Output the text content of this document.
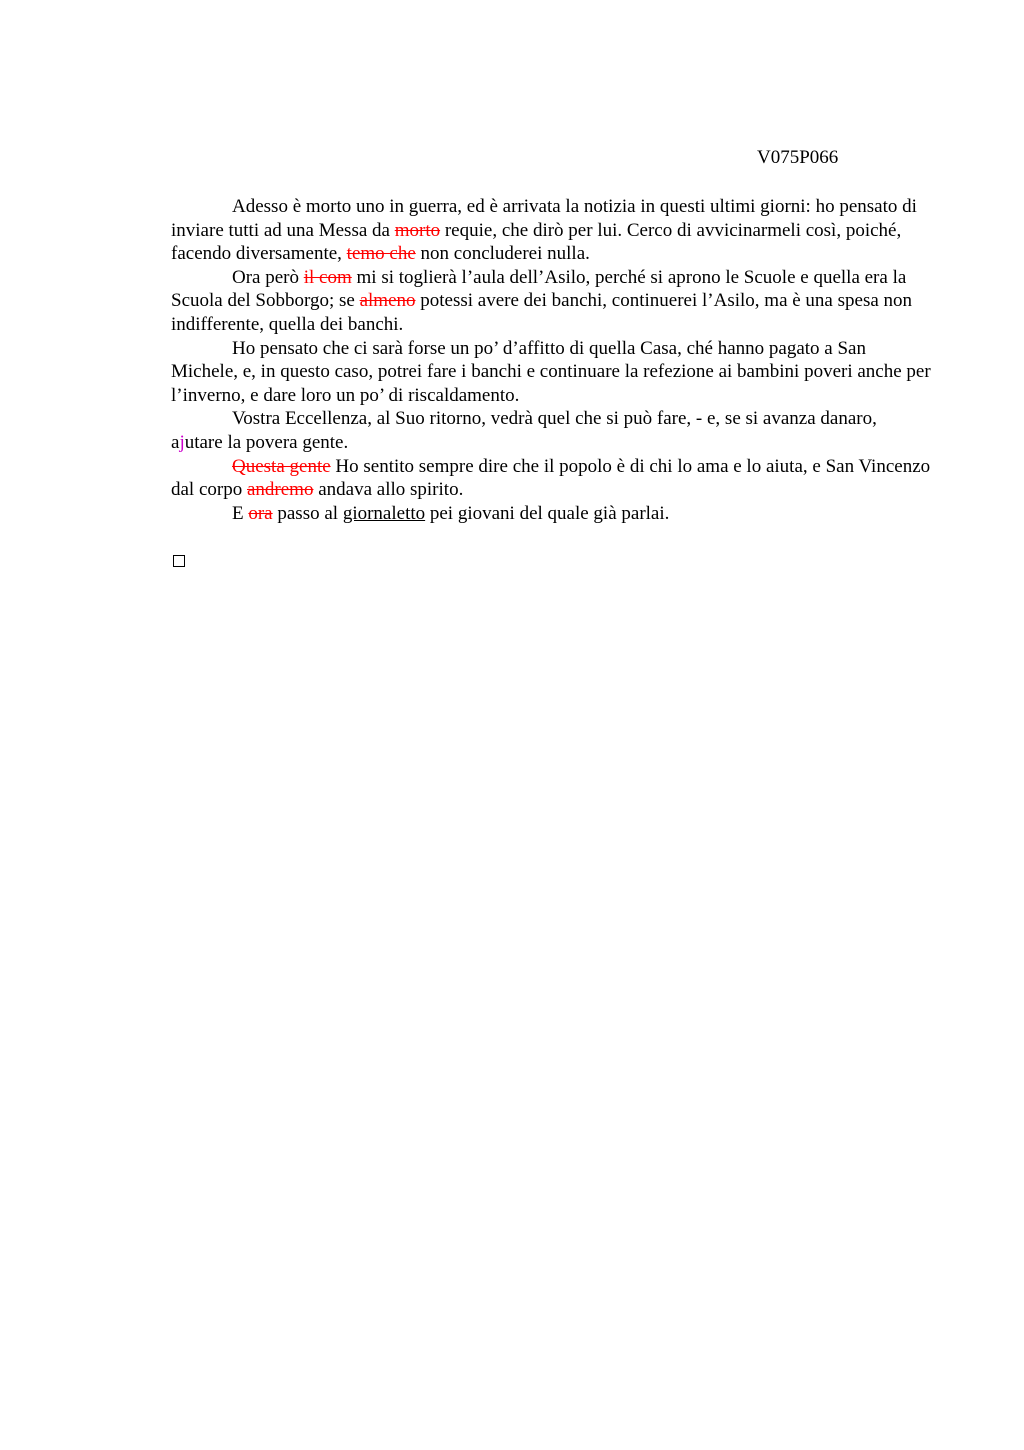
V075P066

Adesso è morto uno in guerra, ed è arrivata la notizia in questi ultimi giorni: ho pensato di inviare tutti ad una Messa da morto requie, che dirò per lui. Cerco di avvicinarmeli così, poiché, facendo diversamente, temo che non concluderei nulla.

Ora però il com mi si toglierà l’aula dell’Asilo, perché si aprono le Scuole e quella era la Scuola del Sobborgo; se almeno potessi avere dei banchi, continuerei l’Asilo, ma è una spesa non indifferente, quella dei banchi.

Ho pensato che ci sarà forse un po’ d’affitto di quella Casa, ché hanno pagato a San Michele, e, in questo caso, potrei fare i banchi e continuare la refezione ai bambini poveri anche per l’inverno, e dare loro un po’ di riscaldamento.

Vostra Eccellenza, al Suo ritorno, vedrà quel che si può fare, - e, se si avanza danaro, ajutare la povera gente.

Questa gente Ho sentito sempre dire che il popolo è di chi lo ama e lo aiuta, e San Vincenzo dal corpo andremo andava allo spirito.

E ora passo al giornaletto pei giovani del quale già parlai.
